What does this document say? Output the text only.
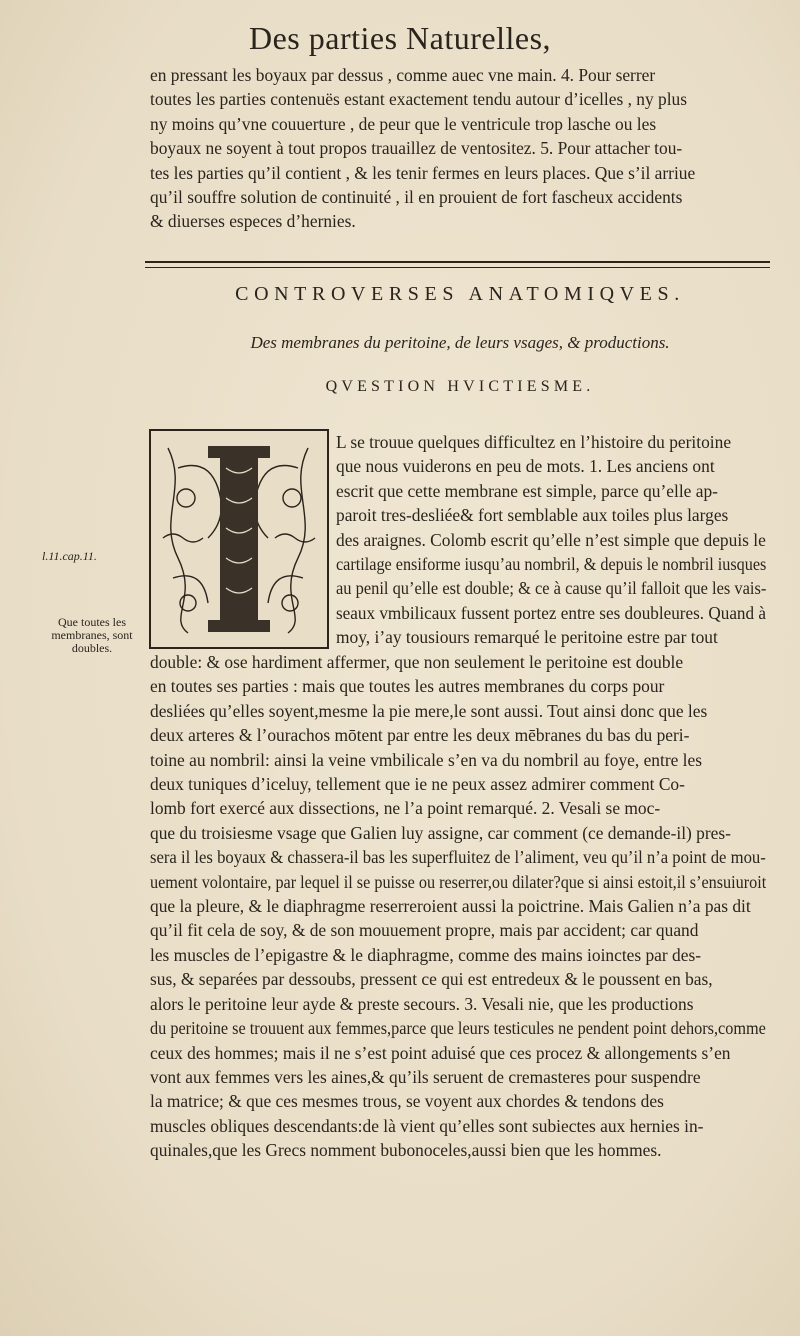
Des parties Naturelles,
en pressant les boyaux par dessus , comme auec vne main. 4. Pour serrer
toutes les parties contenuës estant exactement tendu autour d’icelles , ny plus
ny moins qu’vne couuerture , de peur que le ventricule trop lasche ou les
boyaux ne soyent à tout propos trauaillez de ventositez. 5. Pour attacher tou-
tes les parties qu’il contient , & les tenir fermes en leurs places. Que s’il arriue
qu’il souffre solution de continuité , il en prouient de fort fascheux accidents
& diuerses especes d’hernies.
CONTROVERSES ANATOMIQVES.
Des membranes du peritoine, de leurs vsages, & productions.
QVESTION HVICTIESME.
L se trouue quelques difficultez en l’histoire du peritoine
que nous vuiderons en peu de mots. 1. Les anciens ont
escrit que cette membrane est simple, parce qu’elle ap-
paroit tres-desliée& fort semblable aux toiles plus larges
des araignes. Colomb escrit qu’elle n’est simple que depuis le
cartilage ensiforme iusqu’au nombril, & depuis le nombril iusques
au penil qu’elle est double; & ce à cause qu’il falloit que les vais-
seaux vmbilicaux fussent portez entre ses doubleures. Quand à
moy, i’ay tousiours remarqué le peritoine estre par tout
double: & ose hardiment affermer, que non seulement le peritoine est double
en toutes ses parties : mais que toutes les autres membranes du corps pour
desliées qu’elles soyent,mesme la pie mere,le sont aussi. Tout ainsi donc que les
deux arteres & l’ourachos mōtent par entre les deux mēbranes du bas du peri-
toine au nombril: ainsi la veine vmbilicale s’en va du nombril au foye, entre les
deux tuniques d’iceluy, tellement que ie ne peux assez admirer comment Co-
lomb fort exercé aux dissections, ne l’a point remarqué. 2. Vesali se moc-
que du troisiesme vsage que Galien luy assigne, car comment (ce demande-il) pres-
sera il les boyaux & chassera-il bas les superfluitez de l’aliment, veu qu’il n’a point de mou-
uement volontaire, par lequel il se puisse ou reserrer,ou dilater?que si ainsi estoit,il s’ensuiuroit
que la pleure, & le diaphragme reserreroient aussi la poictrine. Mais Galien n’a pas dit
qu’il fit cela de soy, & de son mouuement propre, mais par accident; car quand
les muscles de l’epigastre & le diaphragme, comme des mains ioinctes par des-
sus, & separées par dessoubs, pressent ce qui est entredeux & le poussent en bas,
alors le peritoine leur ayde & preste secours. 3. Vesali nie, que les productions
du peritoine se trouuent aux femmes,parce que leurs testicules ne pendent point dehors,comme
ceux des hommes; mais il ne s’est point aduisé que ces procez & allongements s’en
vont aux femmes vers les aines,& qu’ils seruent de cremasteres pour suspendre
la matrice; & que ces mesmes trous, se voyent aux chordes & tendons des
muscles obliques descendants:de là vient qu’elles sont subiectes aux hernies in-
quinales,que les Grecs nomment bubonoceles,aussi bien que les hommes.
l.11.cap.11.
Que toutes les membranes, sont doubles.
